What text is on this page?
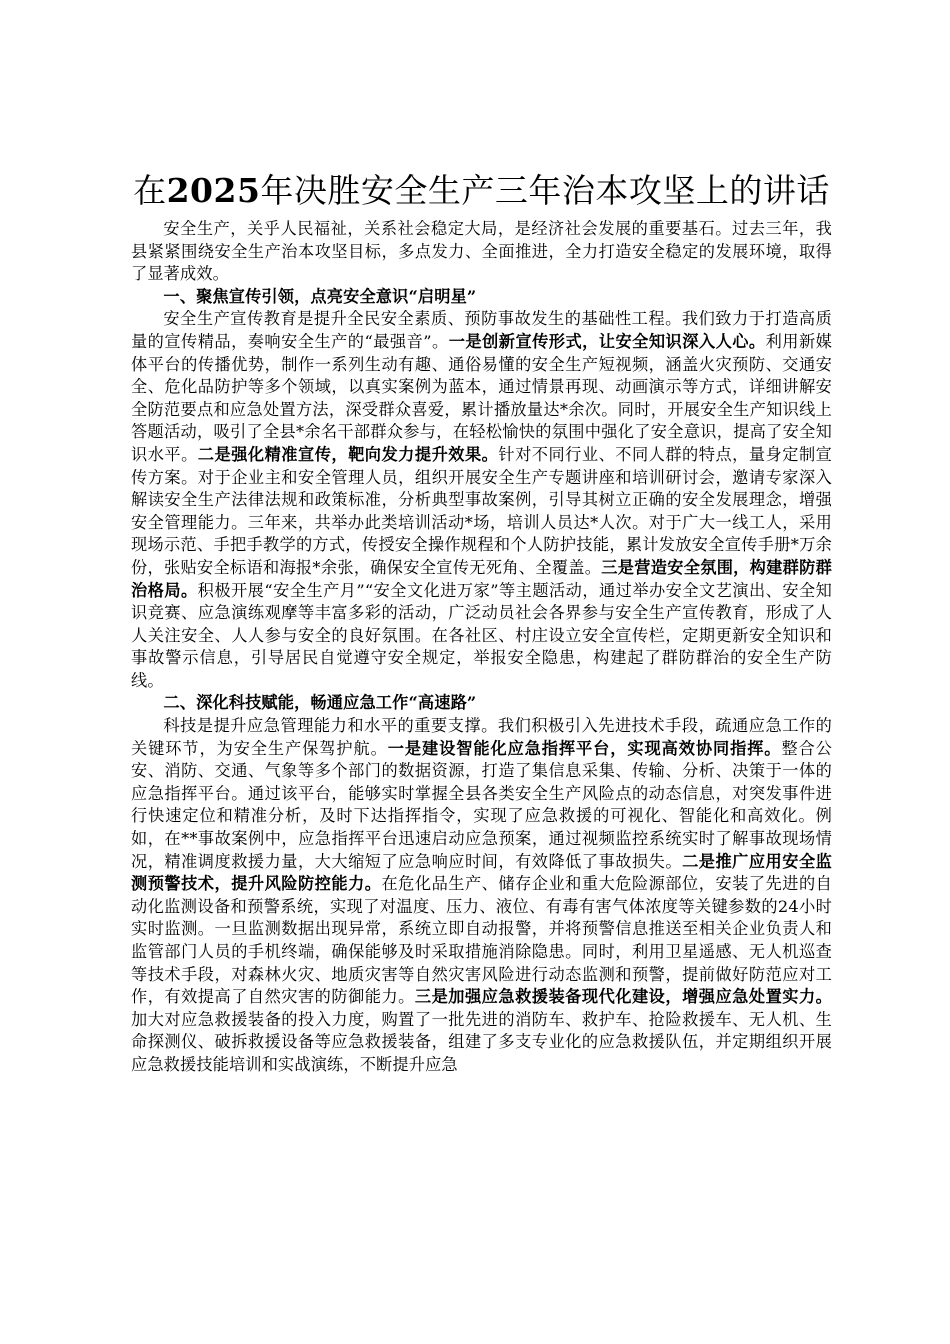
在2025年决胜安全生产三年治本攻坚上的讲话

安全生产，关乎人民福祉，关系社会稳定大局，是经济社会发展的重要基石。过去三年，我县紧紧围绕安全生产治本攻坚目标，多点发力、全面推进，全力打造安全稳定的发展环境，取得了显著成效。

一、聚焦宣传引领，点亮安全意识“启明星”

安全生产宣传教育是提升全民安全素质、预防事故发生的基础性工程。我们致力于打造高质量的宣传精品，奏响安全生产的“最强音”。一是创新宣传形式，让安全知识深入人心。利用新媒体平台的传播优势，制作一系列生动有趣、通俗易懂的安全生产短视频，涵盖火灾预防、交通安全、危化品防护等多个领域，以真实案例为蓝本，通过情景再现、动画演示等方式，详细讲解安全防范要点和应急处置方法，深受群众喜爱，累计播放量达*余次。同时，开展安全生产知识线上答题活动，吸引了全县*余名干部群众参与，在轻松愉快的氛围中强化了安全意识，提高了安全知识水平。二是强化精准宣传，靶向发力提升效果。针对不同行业、不同人群的特点，量身定制宣传方案。对于企业主和安全管理人员，组织开展安全生产专题讲座和培训研讨会，邀请专家深入解读安全生产法律法规和政策标准，分析典型事故案例，引导其树立正确的安全发展理念，增强安全管理能力。三年来，共举办此类培训活动*场，培训人员达*人次。对于广大一线工人，采用现场示范、手把手教学的方式，传授安全操作规程和个人防护技能，累计发放安全宣传手册*万余份，张贴安全标语和海报*余张，确保安全宣传无死角、全覆盖。三是营造安全氛围，构建群防群治格局。积极开展“安全生产月”“安全文化进万家”等主题活动，通过举办安全文艺演出、安全知识竞赛、应急演练观摩等丰富多彩的活动，广泛动员社会各界参与安全生产宣传教育，形成了人人关注安全、人人参与安全的良好氛围。在各社区、村庄设立安全宣传栏，定期更新安全知识和事故警示信息，引导居民自觉遵守安全规定，举报安全隐患，构建起了群防群治的安全生产防线。

二、深化科技赋能，畅通应急工作“高速路”

科技是提升应急管理能力和水平的重要支撑。我们积极引入先进技术手段，疏通应急工作的关键环节，为安全生产保驾护航。一是建设智能化应急指挥平台，实现高效协同指挥。整合公安、消防、交通、气象等多个部门的数据资源，打造了集信息采集、传输、分析、决策于一体的应急指挥平台。通过该平台，能够实时掌握全县各类安全生产风险点的动态信息，对突发事件进行快速定位和精准分析，及时下达指挥指令，实现了应急救援的可视化、智能化和高效化。例如，在**事故案例中，应急指挥平台迅速启动应急预案，通过视频监控系统实时了解事故现场情况，精准调度救援力量，大大缩短了应急响应时间，有效降低了事故损失。二是推广应用安全监测预警技术，提升风险防控能力。在危化品生产、储存企业和重大危险源部位，安装了先进的自动化监测设备和预警系统，实现了对温度、压力、液位、有毒有害气体浓度等关键参数的24小时实时监测。一旦监测数据出现异常，系统立即自动报警，并将预警信息推送至相关企业负责人和监管部门人员的手机终端，确保能够及时采取措施消除隐患。同时，利用卫星遥感、无人机巡查等技术手段，对森林火灾、地质灾害等自然灾害风险进行动态监测和预警，提前做好防范应对工作，有效提高了自然灾害的防御能力。三是加强应急救援装备现代化建设，增强应急处置实力。加大对应急救援装备的投入力度，购置了一批先进的消防车、救护车、抢险救援车、无人机、生命探测仪、破拆救援设备等应急救援装备，组建了多支专业化的应急救援队伍，并定期组织开展应急救援技能培训和实战演练，不断提升应急
